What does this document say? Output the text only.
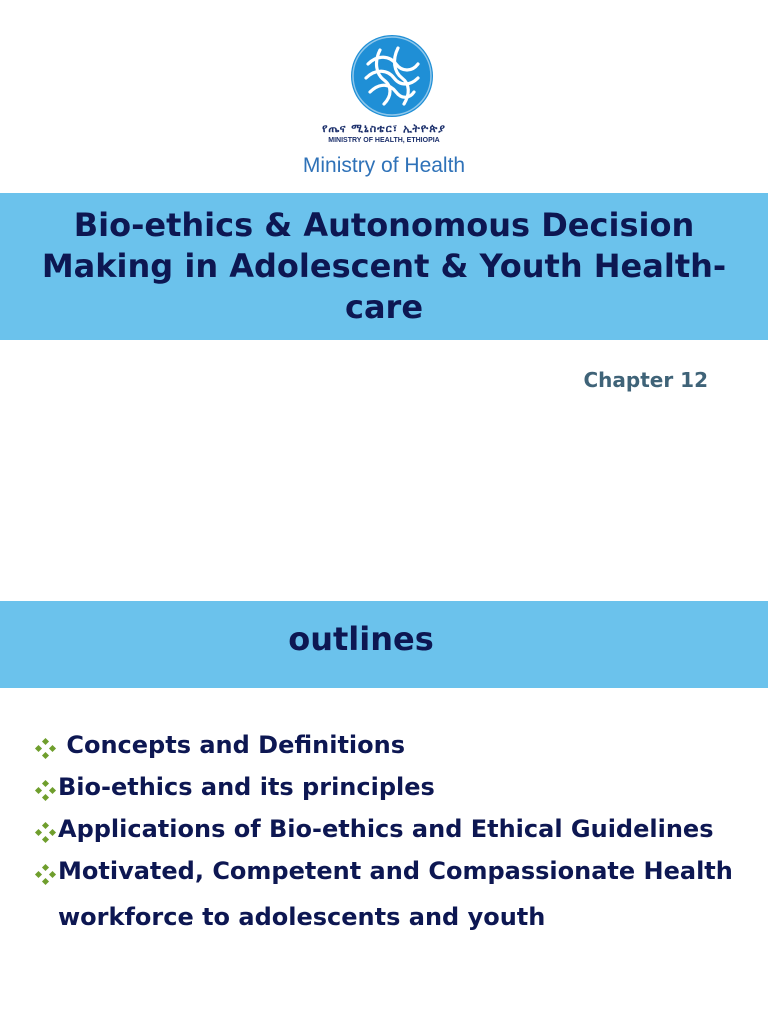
የጤና ሚኒስቴር፣ ኢትዮጵያ
MINISTRY OF HEALTH, ETHIOPIA
Ministry of Health
Bio-ethics & Autonomous Decision Making in Adolescent & Youth Health-care
Chapter 12
outlines
Concepts and Definitions
Bio-ethics and its principles
Applications of Bio-ethics and Ethical Guidelines
Motivated, Competent and Compassionate Health workforce to adolescents and youth
